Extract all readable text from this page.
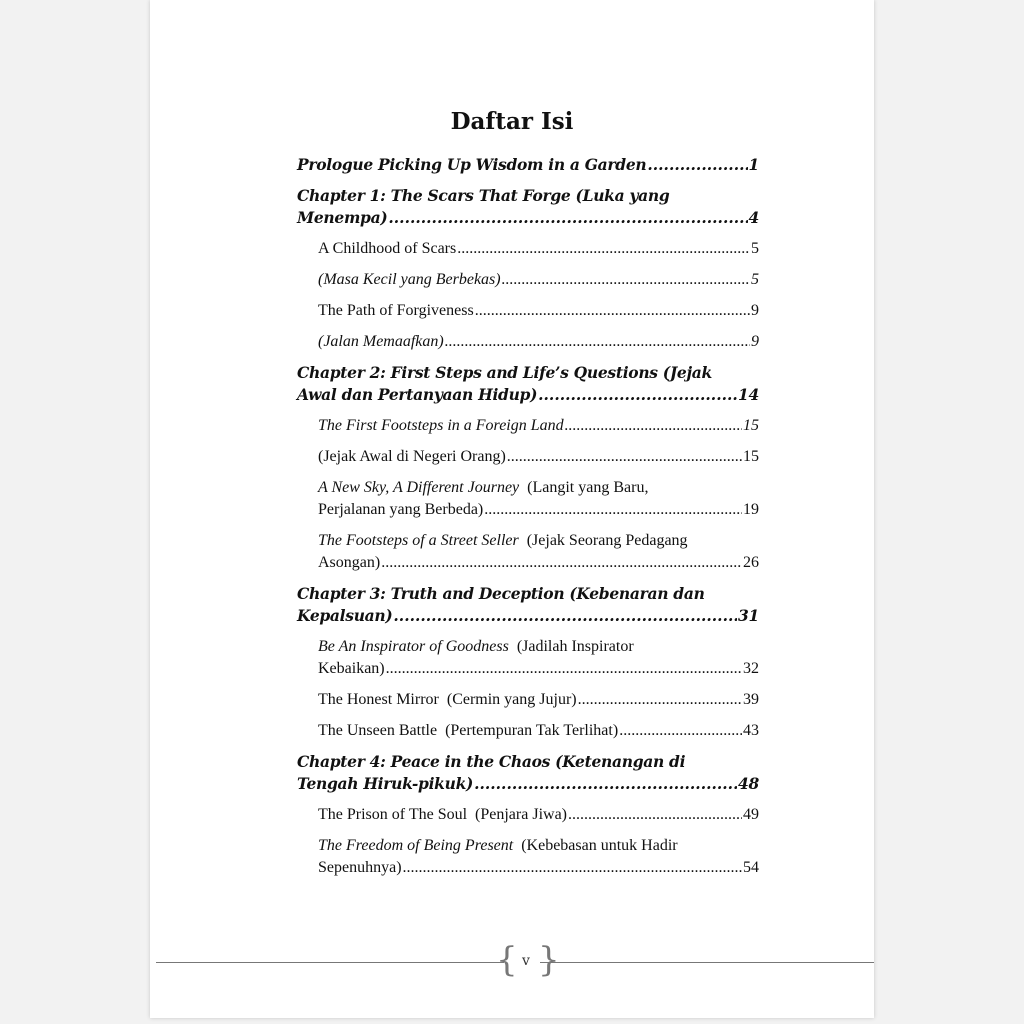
Daftar Isi
Prologue Picking Up Wisdom in a Garden .....	1
Chapter 1: The Scars That Forge (Luka yang
Menempa) .....	4
A Childhood of Scars .....	5
(Masa Kecil yang Berbekas) .....	5
The Path of Forgiveness .....	9
(Jalan Memaafkan) .....	9
Chapter 2: First Steps and Life’s Questions (Jejak
Awal dan Pertanyaan Hidup) .....	14
The First Footsteps in a Foreign Land .....	15
(Jejak Awal di Negeri Orang) .....	15
A New Sky, A Different Journey  (Langit yang Baru,
Perjalanan yang Berbeda) .....	19
The Footsteps of a Street Seller  (Jejak Seorang Pedagang
Asongan) .....	26
Chapter 3: Truth and Deception (Kebenaran dan
Kepalsuan) .....	31
Be An Inspirator of Goodness  (Jadilah Inspirator
Kebaikan) .....	32
The Honest Mirror  (Cermin yang Jujur) .....	39
The Unseen Battle  (Pertempuran Tak Terlihat) .....	43
Chapter 4: Peace in the Chaos (Ketenangan di
Tengah Hiruk-pikuk) .....	48
The Prison of The Soul  (Penjara Jiwa) .....	49
The Freedom of Being Present  (Kebebasan untuk Hadir
Sepenuhnya) .....	54
{ }
v
